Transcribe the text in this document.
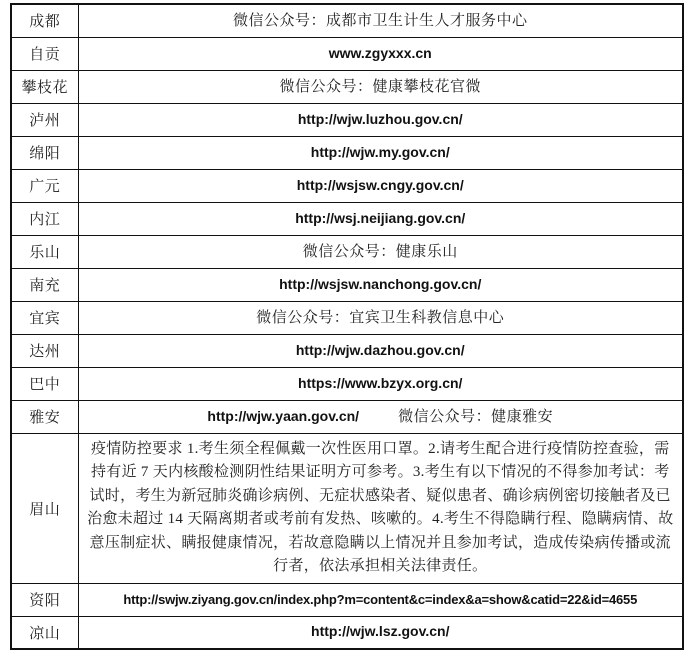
成都	微信公众号：成都市卫生计生人才服务中心
自贡	www.zgyxxx.cn
攀枝花	微信公众号：健康攀枝花官微
泸州	http://wjw.luzhou.gov.cn/
绵阳	http://wjw.my.gov.cn/
广元	http://wsjsw.cngy.gov.cn/
内江	http://wsj.neijiang.gov.cn/
乐山	微信公众号：健康乐山
南充	http://wsjsw.nanchong.gov.cn/
宜宾	微信公众号：宜宾卫生科教信息中心
达州	http://wjw.dazhou.gov.cn/
巴中	https://www.bzyx.org.cn/
雅安	http://wjw.yaan.gov.cn/ 微信公众号：健康雅安
眉山	疫情防控要求 1.考生须全程佩戴一次性医用口罩。2.请考生配合进行疫情防控查验，需持有近 7 天内核酸检测阴性结果证明方可参考。3.考生有以下情况的不得参加考试：考试时，考生为新冠肺炎确诊病例、无症状感染者、疑似患者、确诊病例密切接触者及已治愈未超过 14 天隔离期者或考前有发热、咳嗽的。4.考生不得隐瞒行程、隐瞒病情、故意压制症状、瞒报健康情况，若故意隐瞒以上情况并且参加考试，造成传染病传播或流行者，依法承担相关法律责任。
资阳	http://swjw.ziyang.gov.cn/index.php?m=content&c=index&a=show&catid=22&id=4655
凉山	http://wjw.lsz.gov.cn/
